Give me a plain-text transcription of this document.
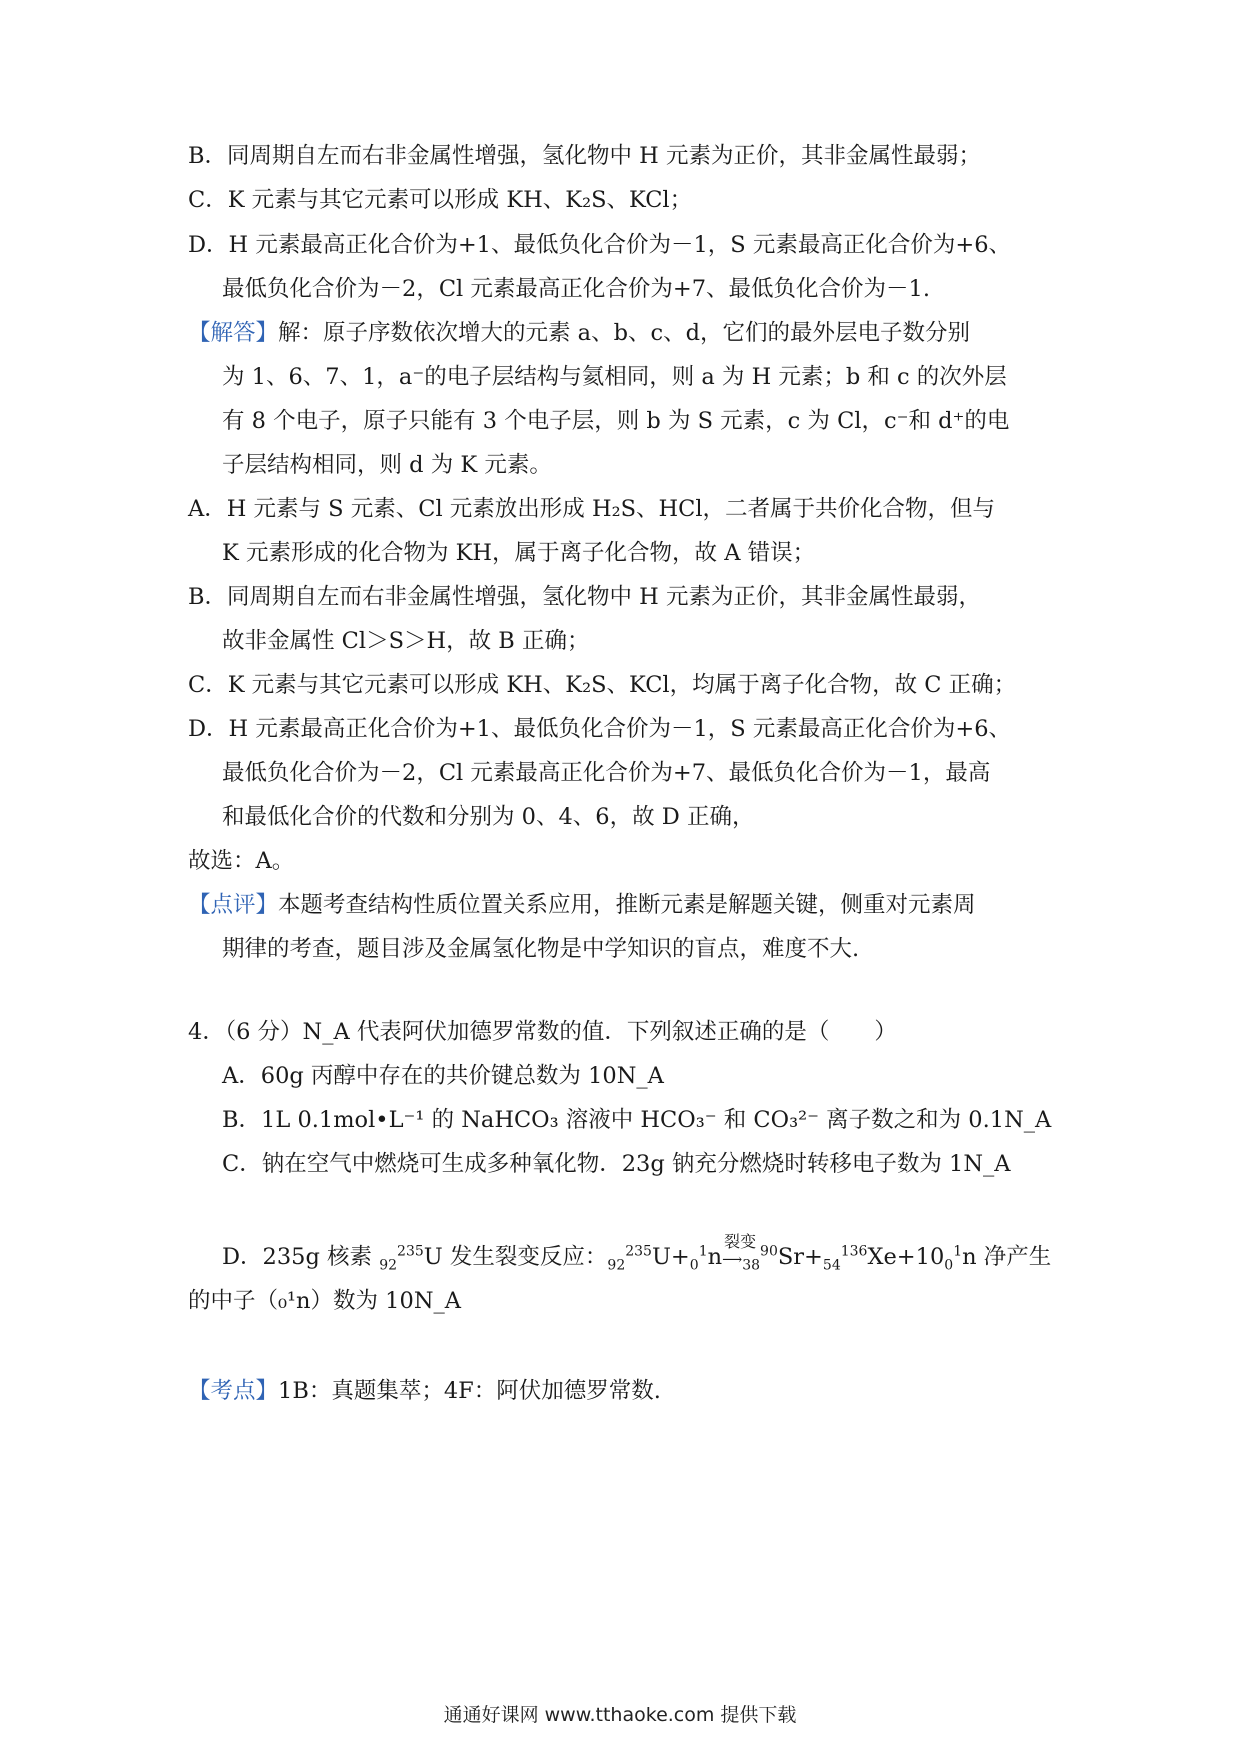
B．同周期自左而右非金属性增强，氢化物中 H 元素为正价，其非金属性最弱；
C．K 元素与其它元素可以形成 KH、K₂S、KCl；
D．H 元素最高正化合价为+1、最低负化合价为－1，S 元素最高正化合价为+6、
最低负化合价为－2，Cl 元素最高正化合价为+7、最低负化合价为－1.
【解答】解：原子序数依次增大的元素 a、b、c、d，它们的最外层电子数分别
为 1、6、7、1，a⁻的电子层结构与氦相同，则 a 为 H 元素；b 和 c 的次外层
有 8 个电子，原子只能有 3 个电子层，则 b 为 S 元素，c 为 Cl，c⁻和 d⁺的电
子层结构相同，则 d 为 K 元素。
A．H 元素与 S 元素、Cl 元素放出形成 H₂S、HCl，二者属于共价化合物，但与
K 元素形成的化合物为 KH，属于离子化合物，故 A 错误；
B．同周期自左而右非金属性增强，氢化物中 H 元素为正价，其非金属性最弱，
故非金属性 Cl＞S＞H，故 B 正确；
C．K 元素与其它元素可以形成 KH、K₂S、KCl，均属于离子化合物，故 C 正确；
D．H 元素最高正化合价为+1、最低负化合价为－1，S 元素最高正化合价为+6、
最低负化合价为－2，Cl 元素最高正化合价为+7、最低负化合价为－1，最高
和最低化合价的代数和分别为 0、4、6，故 D 正确，
故选：A。
【点评】本题考查结构性质位置关系应用，推断元素是解题关键，侧重对元素周
期律的考查，题目涉及金属氢化物是中学知识的盲点，难度不大.
4．（6 分）N_A 代表阿伏加德罗常数的值．下列叙述正确的是（　　）
A．60g 丙醇中存在的共价键总数为 10N_A
B．1L 0.1mol•L⁻¹ 的 NaHCO₃ 溶液中 HCO₃⁻ 和 CO₃²⁻ 离子数之和为 0.1N_A
C．钠在空气中燃烧可生成多种氧化物．23g 钠充分燃烧时转移电子数为 1N_A
D．235g 核素 $_{92}^{235}$U 发生裂变反应：$_{92}^{235}U+_0^1n$
裂变
$⟶_{38}^{90}Sr+_{54}^{136}Xe+10_0^1n$ 净产生
的中子（₀¹n）数为 10N_A
【考点】1B：真题集萃；4F：阿伏加德罗常数.
通通好课网 www.tthaoke.com 提供下载
